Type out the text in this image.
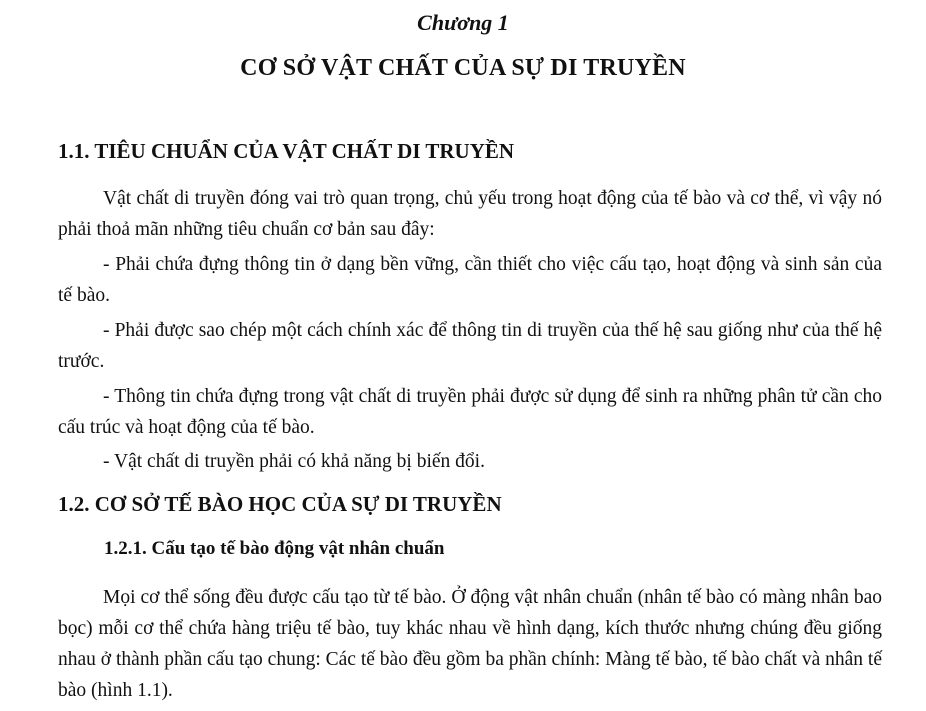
Chương 1
CƠ SỞ VẬT CHẤT CỦA SỰ DI TRUYỀN
1.1. TIÊU CHUẨN CỦA VẬT CHẤT DI TRUYỀN

Vật chất di truyền đóng vai trò quan trọng, chủ yếu trong hoạt động của tế bào và cơ thể, vì vậy nó phải thoả mãn những tiêu chuẩn cơ bản sau đây:

- Phải chứa đựng thông tin ở dạng bền vững, cần thiết cho việc cấu tạo, hoạt động và sinh sản của tế bào.

- Phải được sao chép một cách chính xác để thông tin di truyền của thế hệ sau giống như của thế hệ trước.

- Thông tin chứa đựng trong vật chất di truyền phải được sử dụng để sinh ra những phân tử cần cho cấu trúc và hoạt động của tế bào.

- Vật chất di truyền phải có khả năng bị biến đổi.

1.2. CƠ SỞ TẾ BÀO HỌC CỦA SỰ DI TRUYỀN
1.2.1. Cấu tạo tế bào động vật nhân chuẩn

Mọi cơ thể sống đều được cấu tạo từ tế bào. Ở động vật nhân chuẩn (nhân tế bào có màng nhân bao bọc) mỗi cơ thể chứa hàng triệu tế bào, tuy khác nhau về hình dạng, kích thước nhưng chúng đều giống nhau ở thành phần cấu tạo chung: Các tế bào đều gồm ba phần chính: Màng tế bào, tế bào chất và nhân tế bào (hình 1.1).
